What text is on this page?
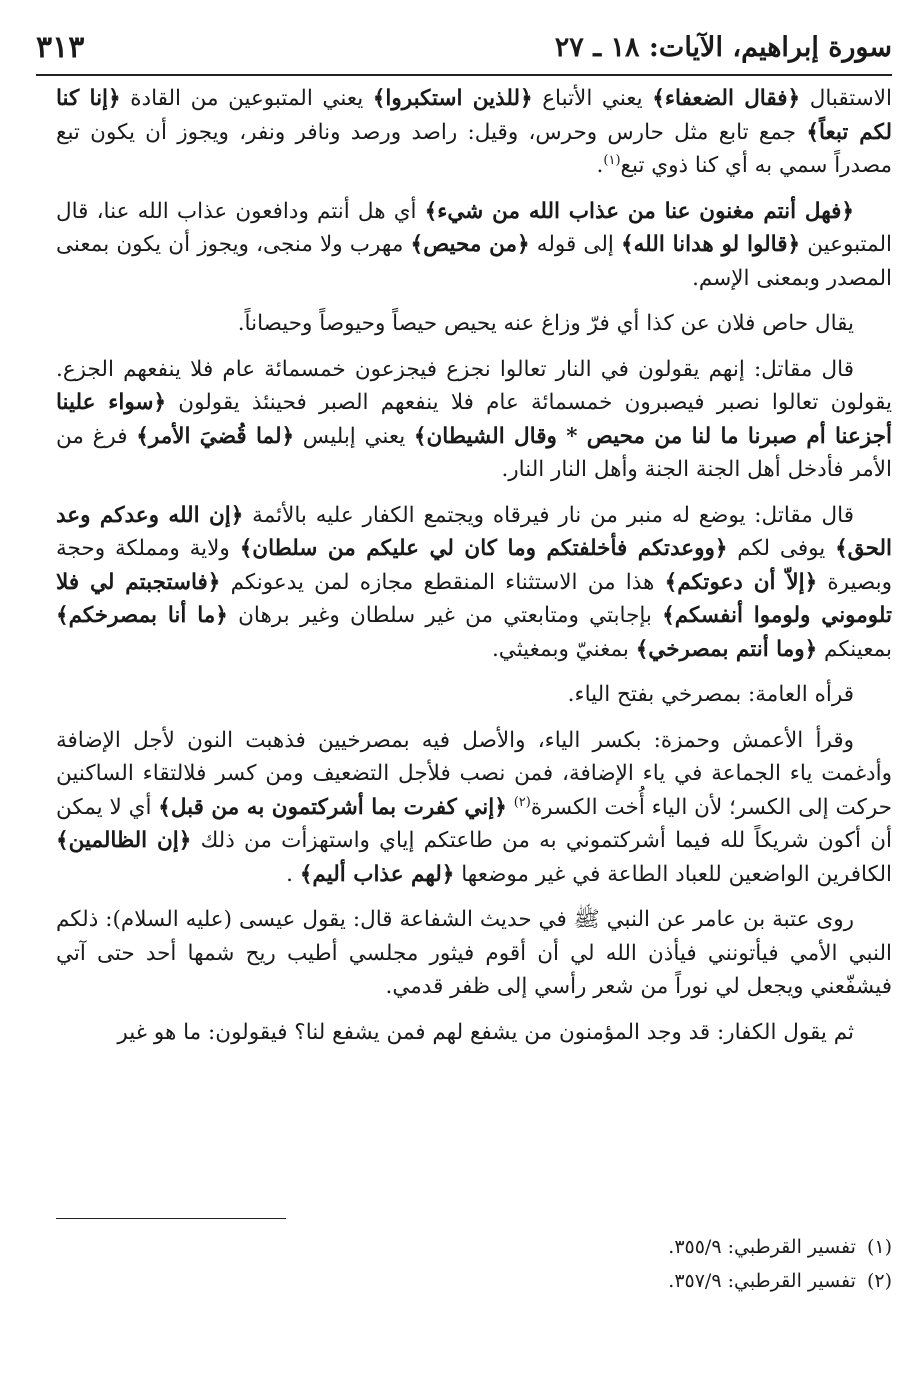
سورة إبراهيم، الآيات: ١٨ ـ ٢٧
٣١٣

الاستقبال ﴿فقال الضعفاء﴾ يعني الأتباع ﴿للذين استكبروا﴾ يعني المتبوعين من القادة ﴿إنا كنا لكم تبعاً﴾ جمع تابع مثل حارس وحرس، وقيل: راصد ورصد ونافر ونفر، ويجوز أن يكون تبع مصدراً سمي به أي كنا ذوي تبع$^{(١)}$.

﴿فهل أنتم مغنون عنا من عذاب الله من شيء﴾ أي هل أنتم ودافعون عذاب الله عنا، قال المتبوعين ﴿قالوا لو هدانا الله﴾ إلى قوله ﴿من محيص﴾ مهرب ولا منجى، ويجوز أن يكون بمعنى المصدر وبمعنى الإسم.

يقال حاص فلان عن كذا أي فرّ وزاغ عنه يحيص حيصاً وحيوصاً وحيصاناً.

قال مقاتل: إنهم يقولون في النار تعالوا نجزع فيجزعون خمسمائة عام فلا ينفعهم الجزع. يقولون تعالوا نصبر فيصبرون خمسمائة عام فلا ينفعهم الصبر فحينئذ يقولون ﴿سواء علينا أجزعنا أم صبرنا ما لنا من محيص * وقال الشيطان﴾ يعني إبليس ﴿لما قُضيَ الأمر﴾ فرغ من الأمر فأدخل أهل الجنة الجنة وأهل النار النار.

قال مقاتل: يوضع له منبر من نار فيرقاه ويجتمع الكفار عليه بالأئمة ﴿إن الله وعدكم وعد الحق﴾ يوفى لكم ﴿ووعدتكم فأخلفتكم وما كان لي عليكم من سلطان﴾ ولاية ومملكة وحجة وبصيرة ﴿إلاّ أن دعوتكم﴾ هذا من الاستثناء المنقطع مجازه لمن يدعونكم ﴿فاستجبتم لي فلا تلوموني ولوموا أنفسكم﴾ بإجابتي ومتابعتي من غير سلطان وغير برهان ﴿ما أنا بمصرخكم﴾ بمعينكم ﴿وما أنتم بمصرخي﴾ بمغنيّ وبمغيثي.

قرأه العامة: بمصرخي بفتح الياء.

وقرأ الأعمش وحمزة: بكسر الياء، والأصل فيه بمصرخيين فذهبت النون لأجل الإضافة وأدغمت ياء الجماعة في ياء الإضافة، فمن نصب فلأجل التضعيف ومن كسر فلالتقاء الساكنين حركت إلى الكسر؛ لأن الياء أُخت الكسرة$^{(٢)}$ ﴿إني كفرت بما أشركتمون به من قبل﴾ أي لا يمكن أن أكون شريكاً لله فيما أشركتموني به من طاعتكم إياي واستهزأت من ذلك ﴿إن الظالمين﴾ الكافرين الواضعين للعباد الطاعة في غير موضعها ﴿لهم عذاب أليم﴾ .

روى عتبة بن عامر عن النبي ﷺ في حديث الشفاعة قال: يقول عيسى (عليه السلام): ذلكم النبي الأمي فيأتونني فيأذن الله لي أن أقوم فيثور مجلسي أطيب ريح شمها أحد حتى آتي فيشفّعني ويجعل لي نوراً من شعر رأسي إلى ظفر قدمي.

ثم يقول الكفار: قد وجد المؤمنون من يشفع لهم فمن يشفع لنا؟ فيقولون: ما هو غير

(١) تفسير القرطبي: ٣٥٥/٩.
(٢) تفسير القرطبي: ٣٥٧/٩.
